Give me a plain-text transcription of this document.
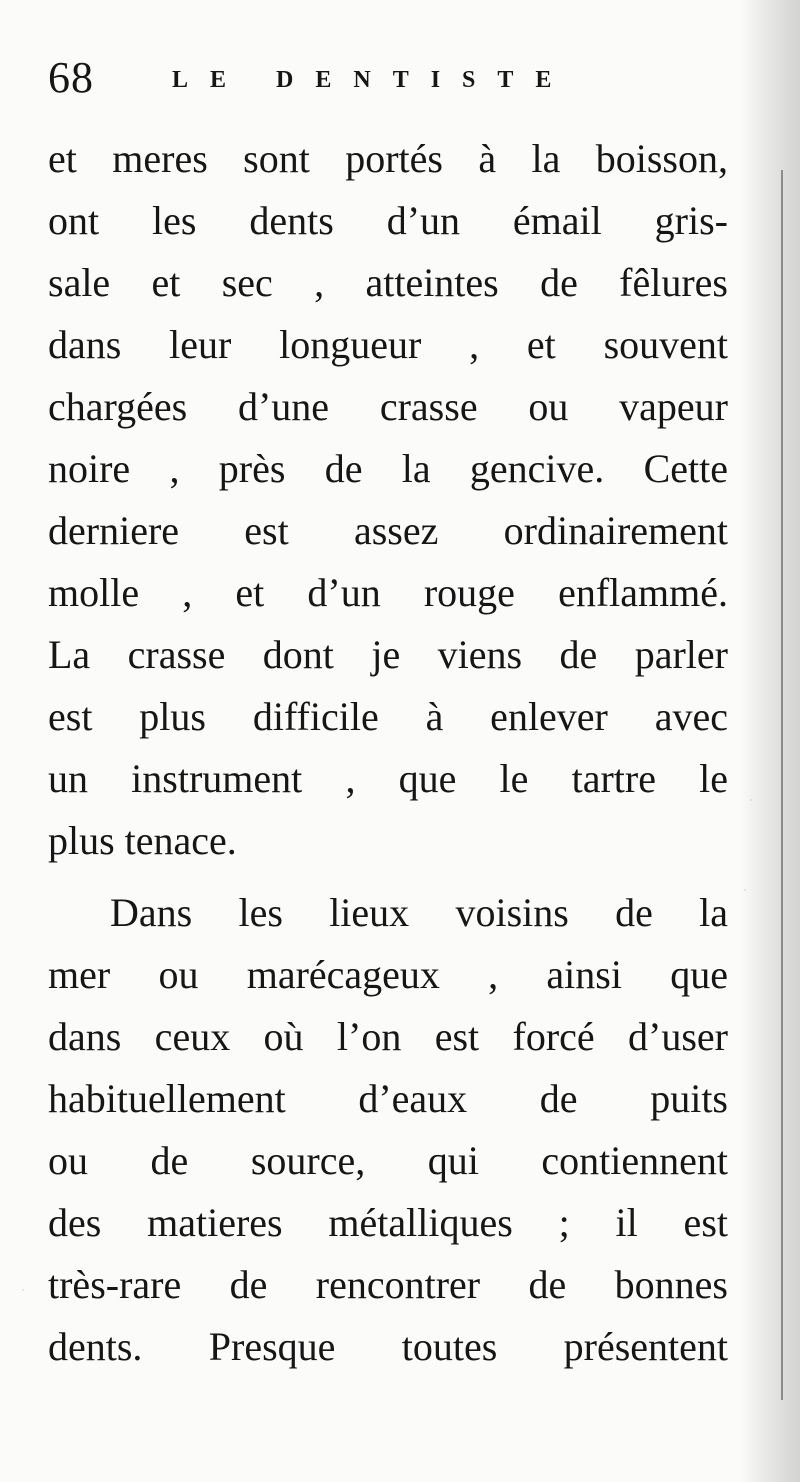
68	LE DENTISTE
et meres sont portés à la boisson,
ont les dents d’un émail gris-
sale et sec , atteintes de fêlures
dans leur longueur , et souvent
chargées d’une crasse ou vapeur
noire , près de la gencive. Cette
derniere est assez ordinairement
molle , et d’un rouge enflammé.
La crasse dont je viens de parler
est plus difficile à enlever avec
un instrument , que le tartre le
plus tenace.
Dans les lieux voisins de la
mer ou marécageux , ainsi que
dans ceux où l’on est forcé d’user
habituellement d’eaux de puits
ou de source, qui contiennent
des matieres métalliques ; il est
très-rare de rencontrer de bonnes
dents. Presque toutes présentent
·
·
·
